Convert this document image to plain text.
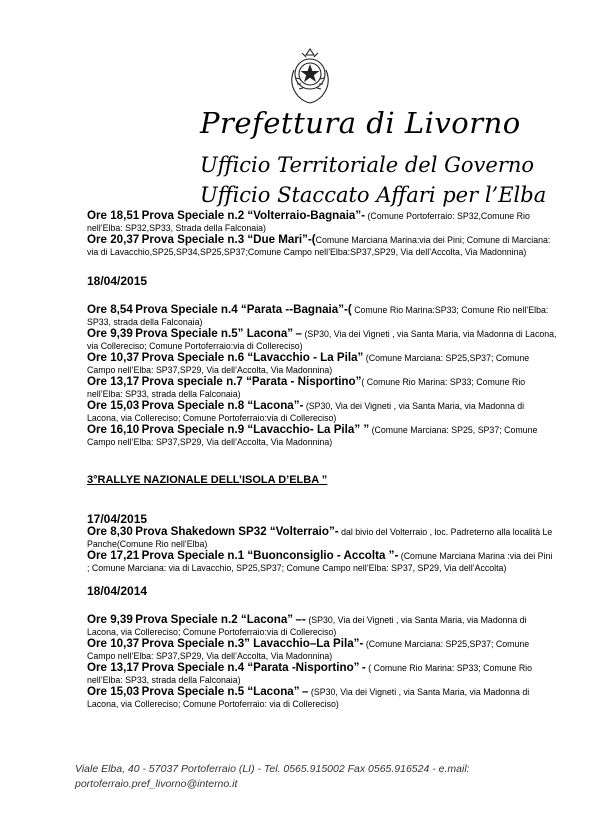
Prefettura di Livorno
Ufficio Territoriale del Governo
Ufficio Staccato Affari per l’Elba

Ore 18,51 Prova Speciale n.2 “Volterraio-Bagnaia”- (Comune Portoferraio: SP32,Comune Rio nell’Elba: SP32,SP33, Strada della Falconaia)

Ore 20,37 Prova Speciale n.3 “Due Mari”-(Comune Marciana Marina:via dei Pini; Comune di Marciana: via di Lavacchio,SP25,SP34,SP25,SP37;Comune Campo nell’Elba:SP37,SP29, Via dell’Accolta, Via Madonnina)

18/04/2015

Ore 8,54 Prova Speciale n.4 “Parata --Bagnaia”-( Comune Rio Marina:SP33; Comune Rio nell’Elba: SP33, strada della Falconaia)

Ore 9,39 Prova Speciale n.5” Lacona” – (SP30, Via dei Vigneti , via Santa Maria, via Madonna di Lacona, via Collereciso; Comune Portoferraio:via di Collereciso)

Ore 10,37 Prova Speciale n.6 “Lavacchio - La Pila” (Comune Marciana: SP25,SP37; Comune Campo nell’Elba: SP37,SP29, Via dell’Accolta, Via Madonnina)

Ore 13,17 Prova speciale n.7 “Parata - Nisportino”( Comune Rio Marina: SP33; Comune Rio nell’Elba: SP33, strada della Falconaia)

Ore 15,03 Prova Speciale n.8 “Lacona”- (SP30, Via dei Vigneti , via Santa Maria, via Madonna di Lacona, via Collereciso; Comune Portoferraio:via di Collereciso)

Ore 16,10 Prova Speciale n.9 “Lavacchio- La Pila” ” (Comune Marciana: SP25, SP37; Comune Campo nell’Elba: SP37,SP29, Via dell’Accolta, Via Madonnina)

3°RALLYE NAZIONALE DELL’ISOLA D’ELBA ”

17/04/2015

Ore 8,30 Prova Shakedown SP32 “Volterraio”- dal bivio del Volterraio , loc. Padreterno alla località Le Panche(Comune Rio nell’Elba)

Ore 17,21 Prova Speciale n.1 “Buonconsiglio - Accolta ”- (Comune Marciana Marina :via dei Pini ; Comune Marciana: via di Lavacchio, SP25,SP37; Comune Campo nell’Elba: SP37, SP29, Via dell’Accolta)

18/04/2014

Ore 9,39 Prova Speciale n.2 “Lacona” –- (SP30, Via dei Vigneti , via Santa Maria, via Madonna di Lacona, via Collereciso; Comune Portoferraio:via di Collereciso)

Ore 10,37 Prova Speciale n.3” Lavacchio–La Pila”- (Comune Marciana: SP25,SP37; Comune Campo nell’Elba: SP37,SP29, Via dell’Accolta, Via Madonnina)

Ore 13,17 Prova Speciale n.4 “Parata -Nisportino” - ( Comune Rio Marina: SP33; Comune Rio nell’Elba: SP33, strada della Falconaia)

Ore 15,03 Prova Speciale n.5 “Lacona” – (SP30, Via dei Vigneti , via Santa Maria, via Madonna di Lacona, via Collereciso; Comune Portoferraio: via di Collereciso)

Viale Elba, 40 - 57037 Portoferraio (LI) - Tel. 0565.915002 Fax 0565.916524 - e.mail:
portoferraio.pref_livorno@interno.it
